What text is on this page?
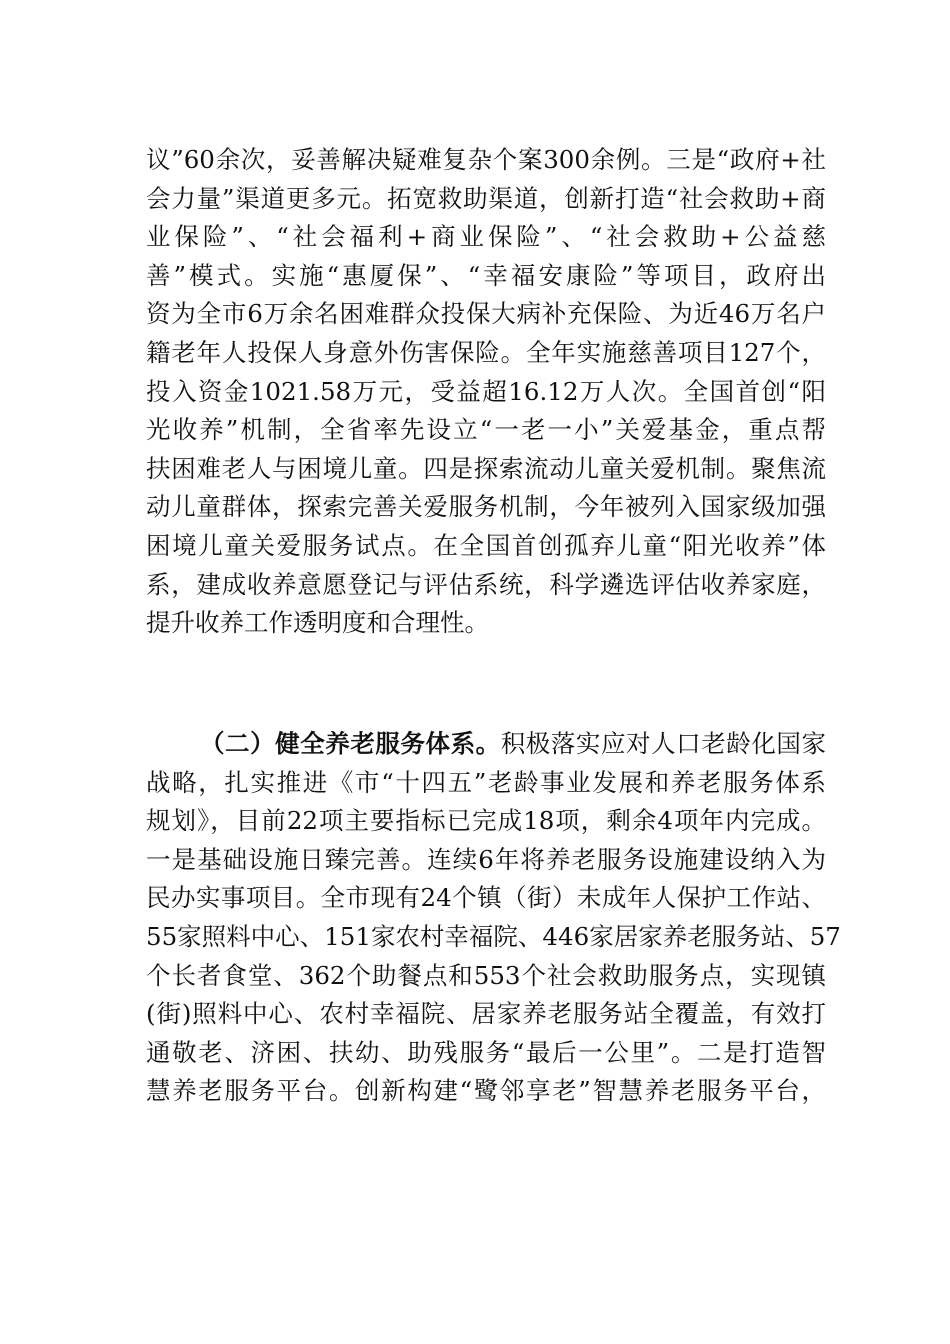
议”60余次，妥善解决疑难复杂个案300余例。三是“政府+社
会力量”渠道更多元。拓宽救助渠道，创新打造“社会救助+商
业保险”、“社会福利+商业保险”、“社会救助+公益慈
善”模式。实施“惠厦保”、“幸福安康险”等项目，政府出
资为全市6万余名困难群众投保大病补充保险、为近46万名户
籍老年人投保人身意外伤害保险。全年实施慈善项目127个，
投入资金1021.58万元，受益超16.12万人次。全国首创“阳
光收养”机制，全省率先设立“一老一小”关爱基金，重点帮
扶困难老人与困境儿童。四是探索流动儿童关爱机制。聚焦流
动儿童群体，探索完善关爱服务机制，今年被列入国家级加强
困境儿童关爱服务试点。在全国首创孤弃儿童“阳光收养”体
系，建成收养意愿登记与评估系统，科学遴选评估收养家庭，
提升收养工作透明度和合理性。
（二）健全养老服务体系。积极落实应对人口老龄化国家
战略，扎实推进《市“十四五”老龄事业发展和养老服务体系
规划》，目前22项主要指标已完成18项，剩余4项年内完成。
一是基础设施日臻完善。连续6年将养老服务设施建设纳入为
民办实事项目。全市现有24个镇（街）未成年人保护工作站、
55家照料中心、151家农村幸福院、446家居家养老服务站、57
个长者食堂、362个助餐点和553个社会救助服务点，实现镇
(街)照料中心、农村幸福院、居家养老服务站全覆盖，有效打
通敬老、济困、扶幼、助残服务“最后一公里”。二是打造智
慧养老服务平台。创新构建“鹭邻享老”智慧养老服务平台，
